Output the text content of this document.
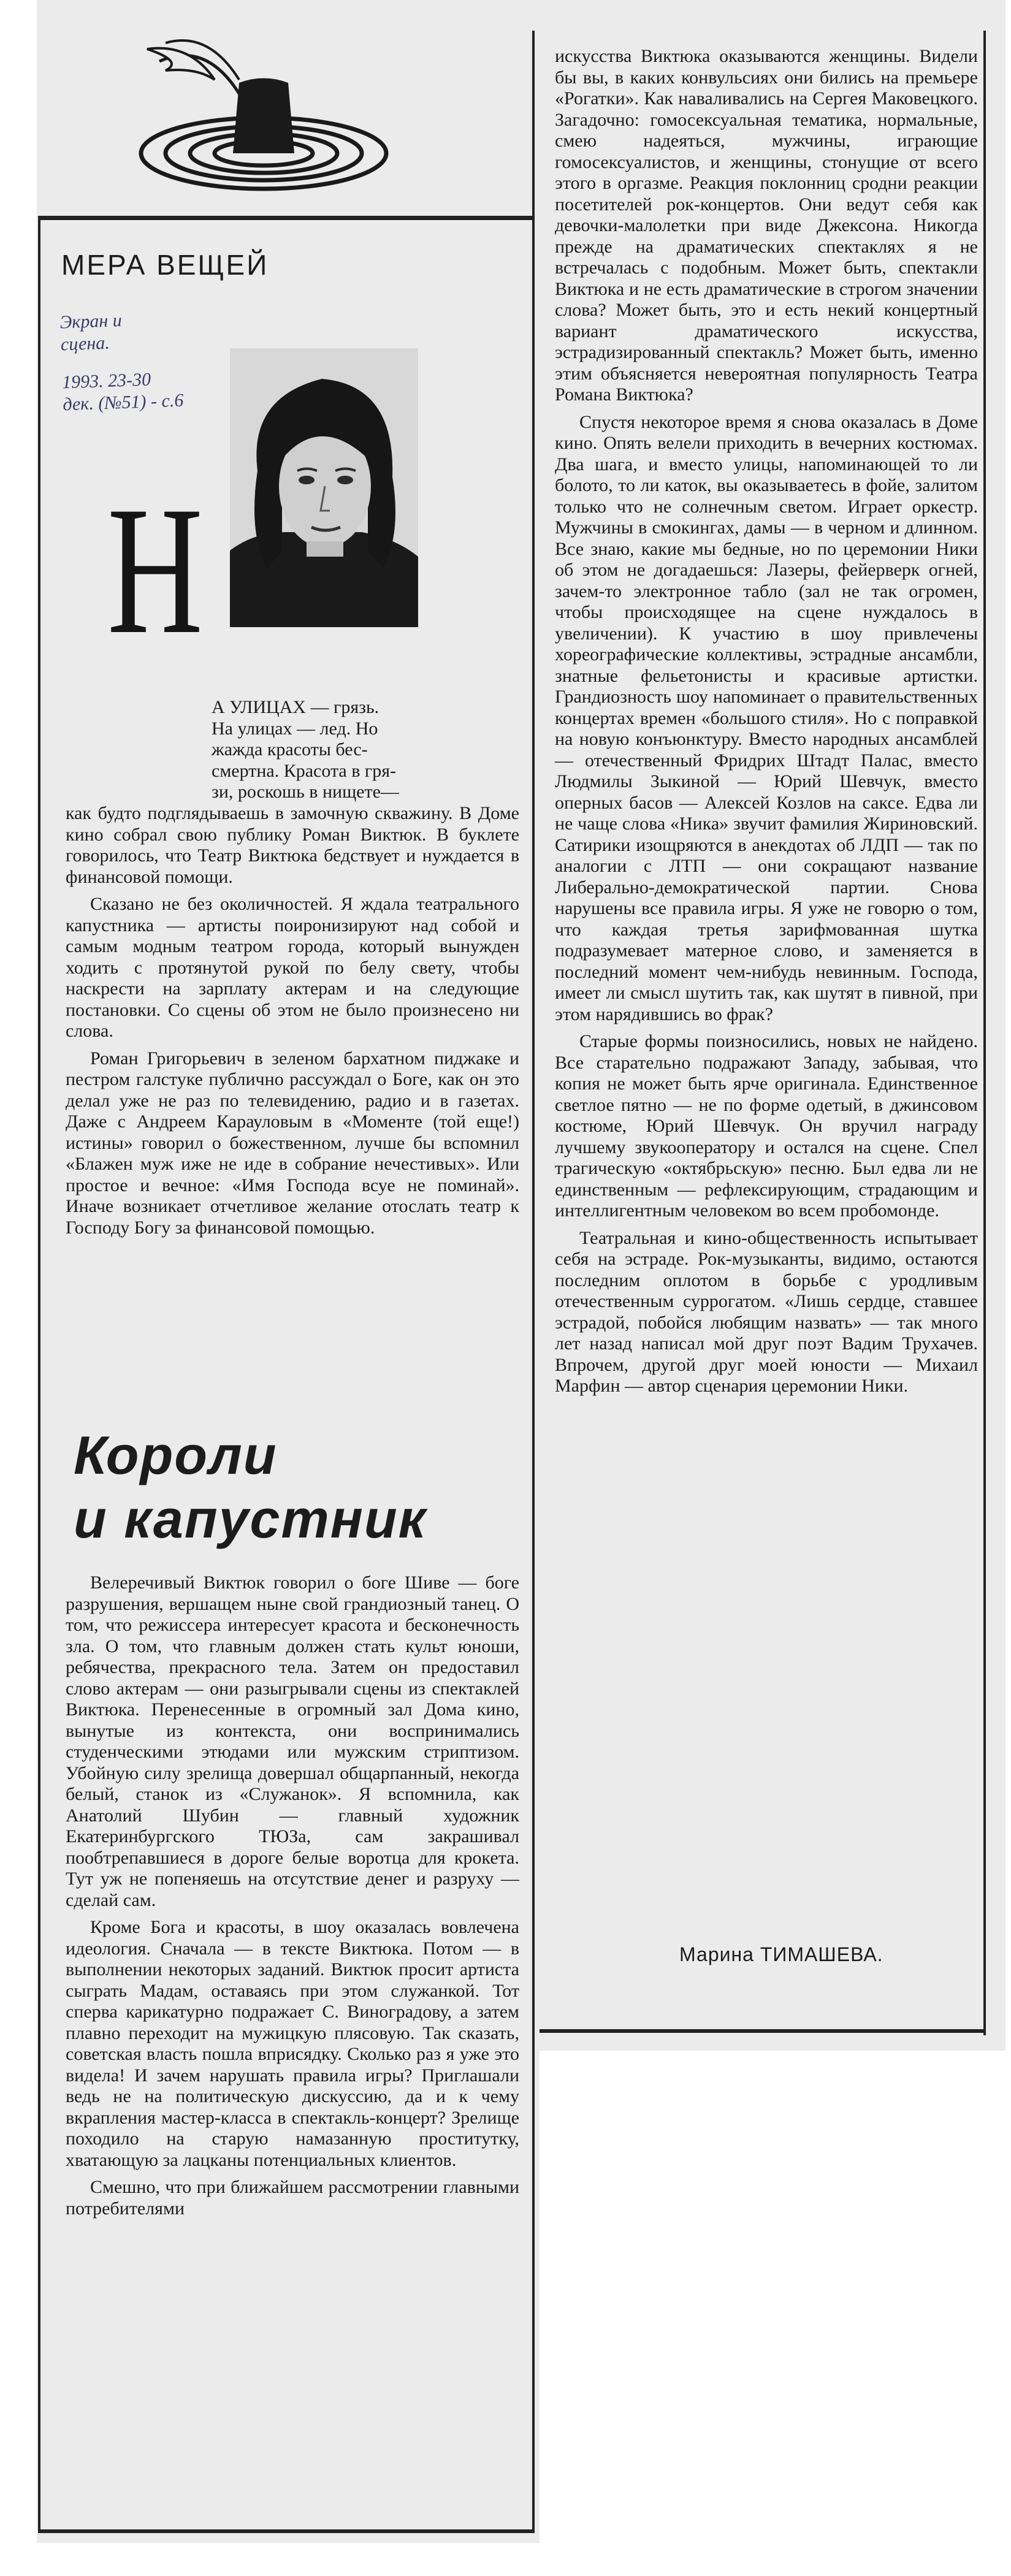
МЕРА ВЕЩЕЙ
Экран и
сцена.
1993. 23-30
дек. (№51) - с.6
Н
А УЛИЦАХ — грязь.
На улицах — лед. Но
жажда красоты бес-
смертна. Красота в гря-
зи, роскошь в нищете—

как будто подглядываешь в замочную скважину. В Доме кино собрал свою публику Роман Виктюк. В буклете говорилось, что Театр Виктюка бедствует и нуждается в финансовой помощи.

Сказано не без околичностей. Я ждала театрального капустника — артисты поиронизируют над собой и самым модным театром города, который вынужден ходить с протянутой рукой по белу свету, чтобы наскрести на зарплату актерам и на следующие постановки. Со сцены об этом не было произнесено ни слова.

Роман Григорьевич в зеленом бархатном пиджаке и пестром галстуке публично рассуждал о Боге, как он это делал уже не раз по телевидению, радио и в газетах. Даже с Андреем Карауловым в «Моменте (той еще!) истины» говорил о божественном, лучше бы вспомнил «Блажен муж иже не иде в собрание нечестивых». Или простое и вечное: «Имя Господа всуе не поминай». Иначе возникает отчетливое желание отослать театр к Господу Богу за финансовой помощью.

Короли
и капустник

Велеречивый Виктюк говорил о боге Шиве — боге разрушения, вершащем ныне свой грандиозный танец. О том, что режиссера интересует красота и бесконечность зла. О том, что главным должен стать культ юноши, ребячества, прекрасного тела. Затем он предоставил слово актерам — они разыгрывали сцены из спектаклей Виктюка. Перенесенные в огромный зал Дома кино, вынутые из контекста, они воспринимались студенческими этюдами или мужским стриптизом. Убойную силу зрелища довершал общарпанный, некогда белый, станок из «Служанок». Я вспомнила, как Анатолий Шубин — главный художник Екатеринбургского ТЮЗа, сам закрашивал пообтрепавшиеся в дороге белые воротца для крокета. Тут уж не попеняешь на отсутствие денег и разруху — сделай сам.

Кроме Бога и красоты, в шоу оказалась вовлечена идеология. Сначала — в тексте Виктюка. Потом — в выполнении некоторых заданий. Виктюк просит артиста сыграть Мадам, оставаясь при этом служанкой. Тот сперва карикатурно подражает С. Виноградову, а затем плавно переходит на мужицкую плясовую. Так сказать, советская власть пошла вприсядку. Сколько раз я уже это видела! И зачем нарушать правила игры? Приглашали ведь не на политическую дискуссию, да и к чему вкрапления мастер-класса в спектакль-концерт? Зрелище походило на старую намазанную проститутку, хватающую за лацканы потенциальных клиентов.

Смешно, что при ближайшем рассмотрении главными потребителями

искусства Виктюка оказываются женщины. Видели бы вы, в каких конвульсиях они бились на премьере «Рогатки». Как наваливались на Сергея Маковецкого. Загадочно: гомосексуальная тематика, нормальные, смею надеяться, мужчины, играющие гомосексуалистов, и женщины, стонущие от всего этого в оргазме. Реакция поклонниц сродни реакции посетителей рок-концертов. Они ведут себя как девочки-малолетки при виде Джексона. Никогда прежде на драматических спектаклях я не встречалась с подобным. Может быть, спектакли Виктюка и не есть драматические в строгом значении слова? Может быть, это и есть некий концертный вариант драматического искусства, эстрадизированный спектакль? Может быть, именно этим объясняется невероятная популярность Театра Романа Виктюка?

Спустя некоторое время я снова оказалась в Доме кино. Опять велели приходить в вечерних костюмах. Два шага, и вместо улицы, напоминающей то ли болото, то ли каток, вы оказываетесь в фойе, залитом только что не солнечным светом. Играет оркестр. Мужчины в смокингах, дамы — в черном и длинном. Все знаю, какие мы бедные, но по церемонии Ники об этом не догадаешься: Лазеры, фейерверк огней, зачем-то электронное табло (зал не так огромен, чтобы происходящее на сцене нуждалось в увеличении). К участию в шоу привлечены хореографические коллективы, эстрадные ансамбли, знатные фельетонисты и красивые артистки. Грандиозность шоу напоминает о правительственных концертах времен «большого стиля». Но с поправкой на новую конъюнктуру. Вместо народных ансамблей — отечественный Фридрих Штадт Палас, вместо Людмилы Зыкиной — Юрий Шевчук, вместо оперных басов — Алексей Козлов на саксе. Едва ли не чаще слова «Ника» звучит фамилия Жириновский. Сатирики изощряются в анекдотах об ЛДП — так по аналогии с ЛТП — они сокращают название Либерально-демократической партии. Снова нарушены все правила игры. Я уже не говорю о том, что каждая третья зарифмованная шутка подразумевает матерное слово, и заменяется в последний момент чем-нибудь невинным. Господа, имеет ли смысл шутить так, как шутят в пивной, при этом нарядившись во фрак?

Старые формы поизносились, новых не найдено. Все старательно подражают Западу, забывая, что копия не может быть ярче оригинала. Единственное светлое пятно — не по форме одетый, в джинсовом костюме, Юрий Шевчук. Он вручил награду лучшему звукооператору и остался на сцене. Спел трагическую «октябрьскую» песню. Был едва ли не единственным — рефлексирующим, страдающим и интеллигентным человеком во всем пробомонде.

Театральная и кино-общественность испытывает себя на эстраде. Рок-музыканты, видимо, остаются последним оплотом в борьбе с уродливым отечественным суррогатом. «Лишь сердце, ставшее эстрадой, побойся любящим назвать» — так много лет назад написал мой друг поэт Вадим Трухачев. Впрочем, другой друг моей юности — Михаил Марфин — автор сценария церемонии Ники.

Марина ТИМАШЕВА.
